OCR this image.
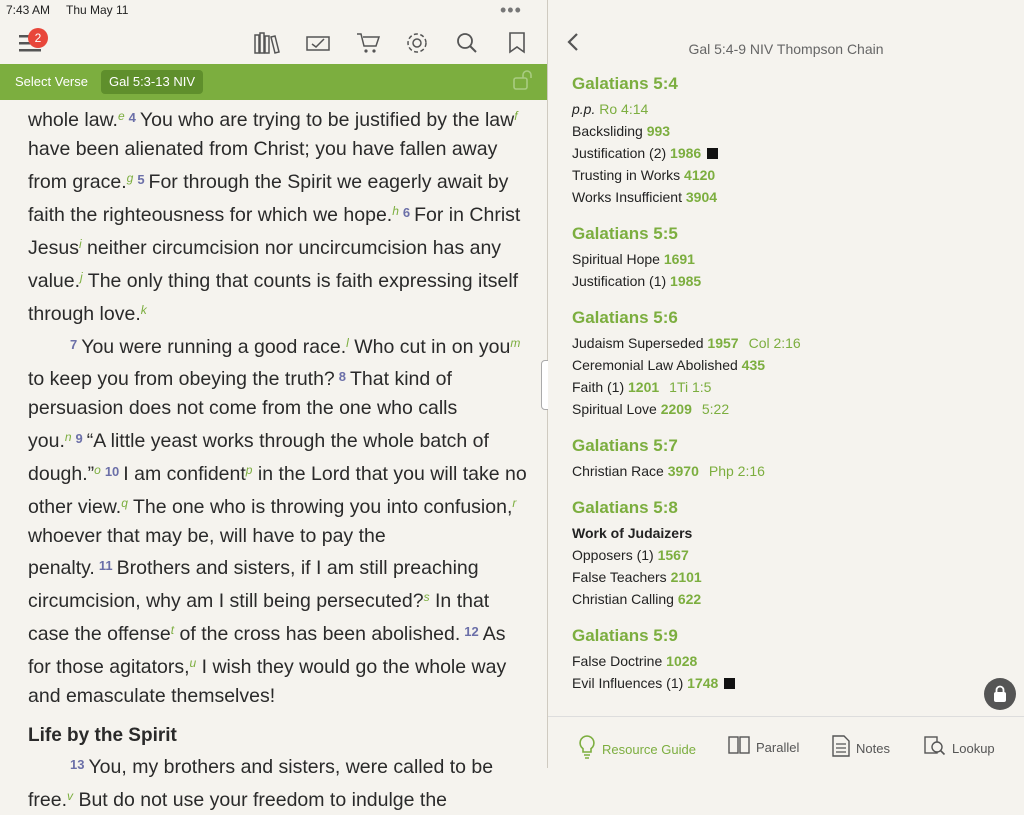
7:43 AM Thu May 11	•••
2
Select Verse	Gal 5:3-13 NIV

whole law.$^e$ $^4$ You who are trying to be justified by the law$^f$ have been alienated from Christ; you have fallen away from grace.$^g$ $^5$ For through the Spirit we eagerly await by faith the righteousness for which we hope.$^h$ $^6$ For in Christ Jesus$^i$ neither circumcision nor uncircumcision has any value.$^j$ The only thing that counts is faith expressing itself through love.$^k$

$^7$ You were running a good race.$^l$ Who cut in on you$^m$ to keep you from obeying the truth? $^8$ That kind of persuasion does not come from the one who calls you.$^n$ $^9$ “A little yeast works through the whole batch of dough.”$^o$ $^{10}$ I am confident$^p$ in the Lord that you will take no other view.$^q$ The one who is throwing you into confusion,$^r$ whoever that may be, will have to pay the penalty. $^{11}$ Brothers and sisters, if I am still preaching circumcision, why am I still being persecuted?$^s$ In that case the offense$^t$ of the cross has been abolished. $^{12}$ As for those agitators,$^u$ I wish they would go the whole way and emasculate themselves!

Life by the Spirit

$^{13}$ You, my brothers and sisters, were called to be free.$^v$ But do not use your freedom to indulge the

Gal 5:4-9 NIV Thompson Chain
Galatians 5:4
p.p. Ro 4:14
Backsliding 993
Justification (2) 1986
Trusting in Works 4120
Works Insufficient 3904
Galatians 5:5
Spiritual Hope 1691
Justification (1) 1985
Galatians 5:6
Judaism Superseded 1957 Col 2:16
Ceremonial Law Abolished 435
Faith (1) 1201 1Ti 1:5
Spiritual Love 2209 5:22
Galatians 5:7
Christian Race 3970 Php 2:16
Galatians 5:8
Work of Judaizers
Opposers (1) 1567
False Teachers 2101
Christian Calling 622
Galatians 5:9
False Doctrine 1028
Evil Influences (1) 1748
Resource Guide	Parallel	Notes	Lookup
